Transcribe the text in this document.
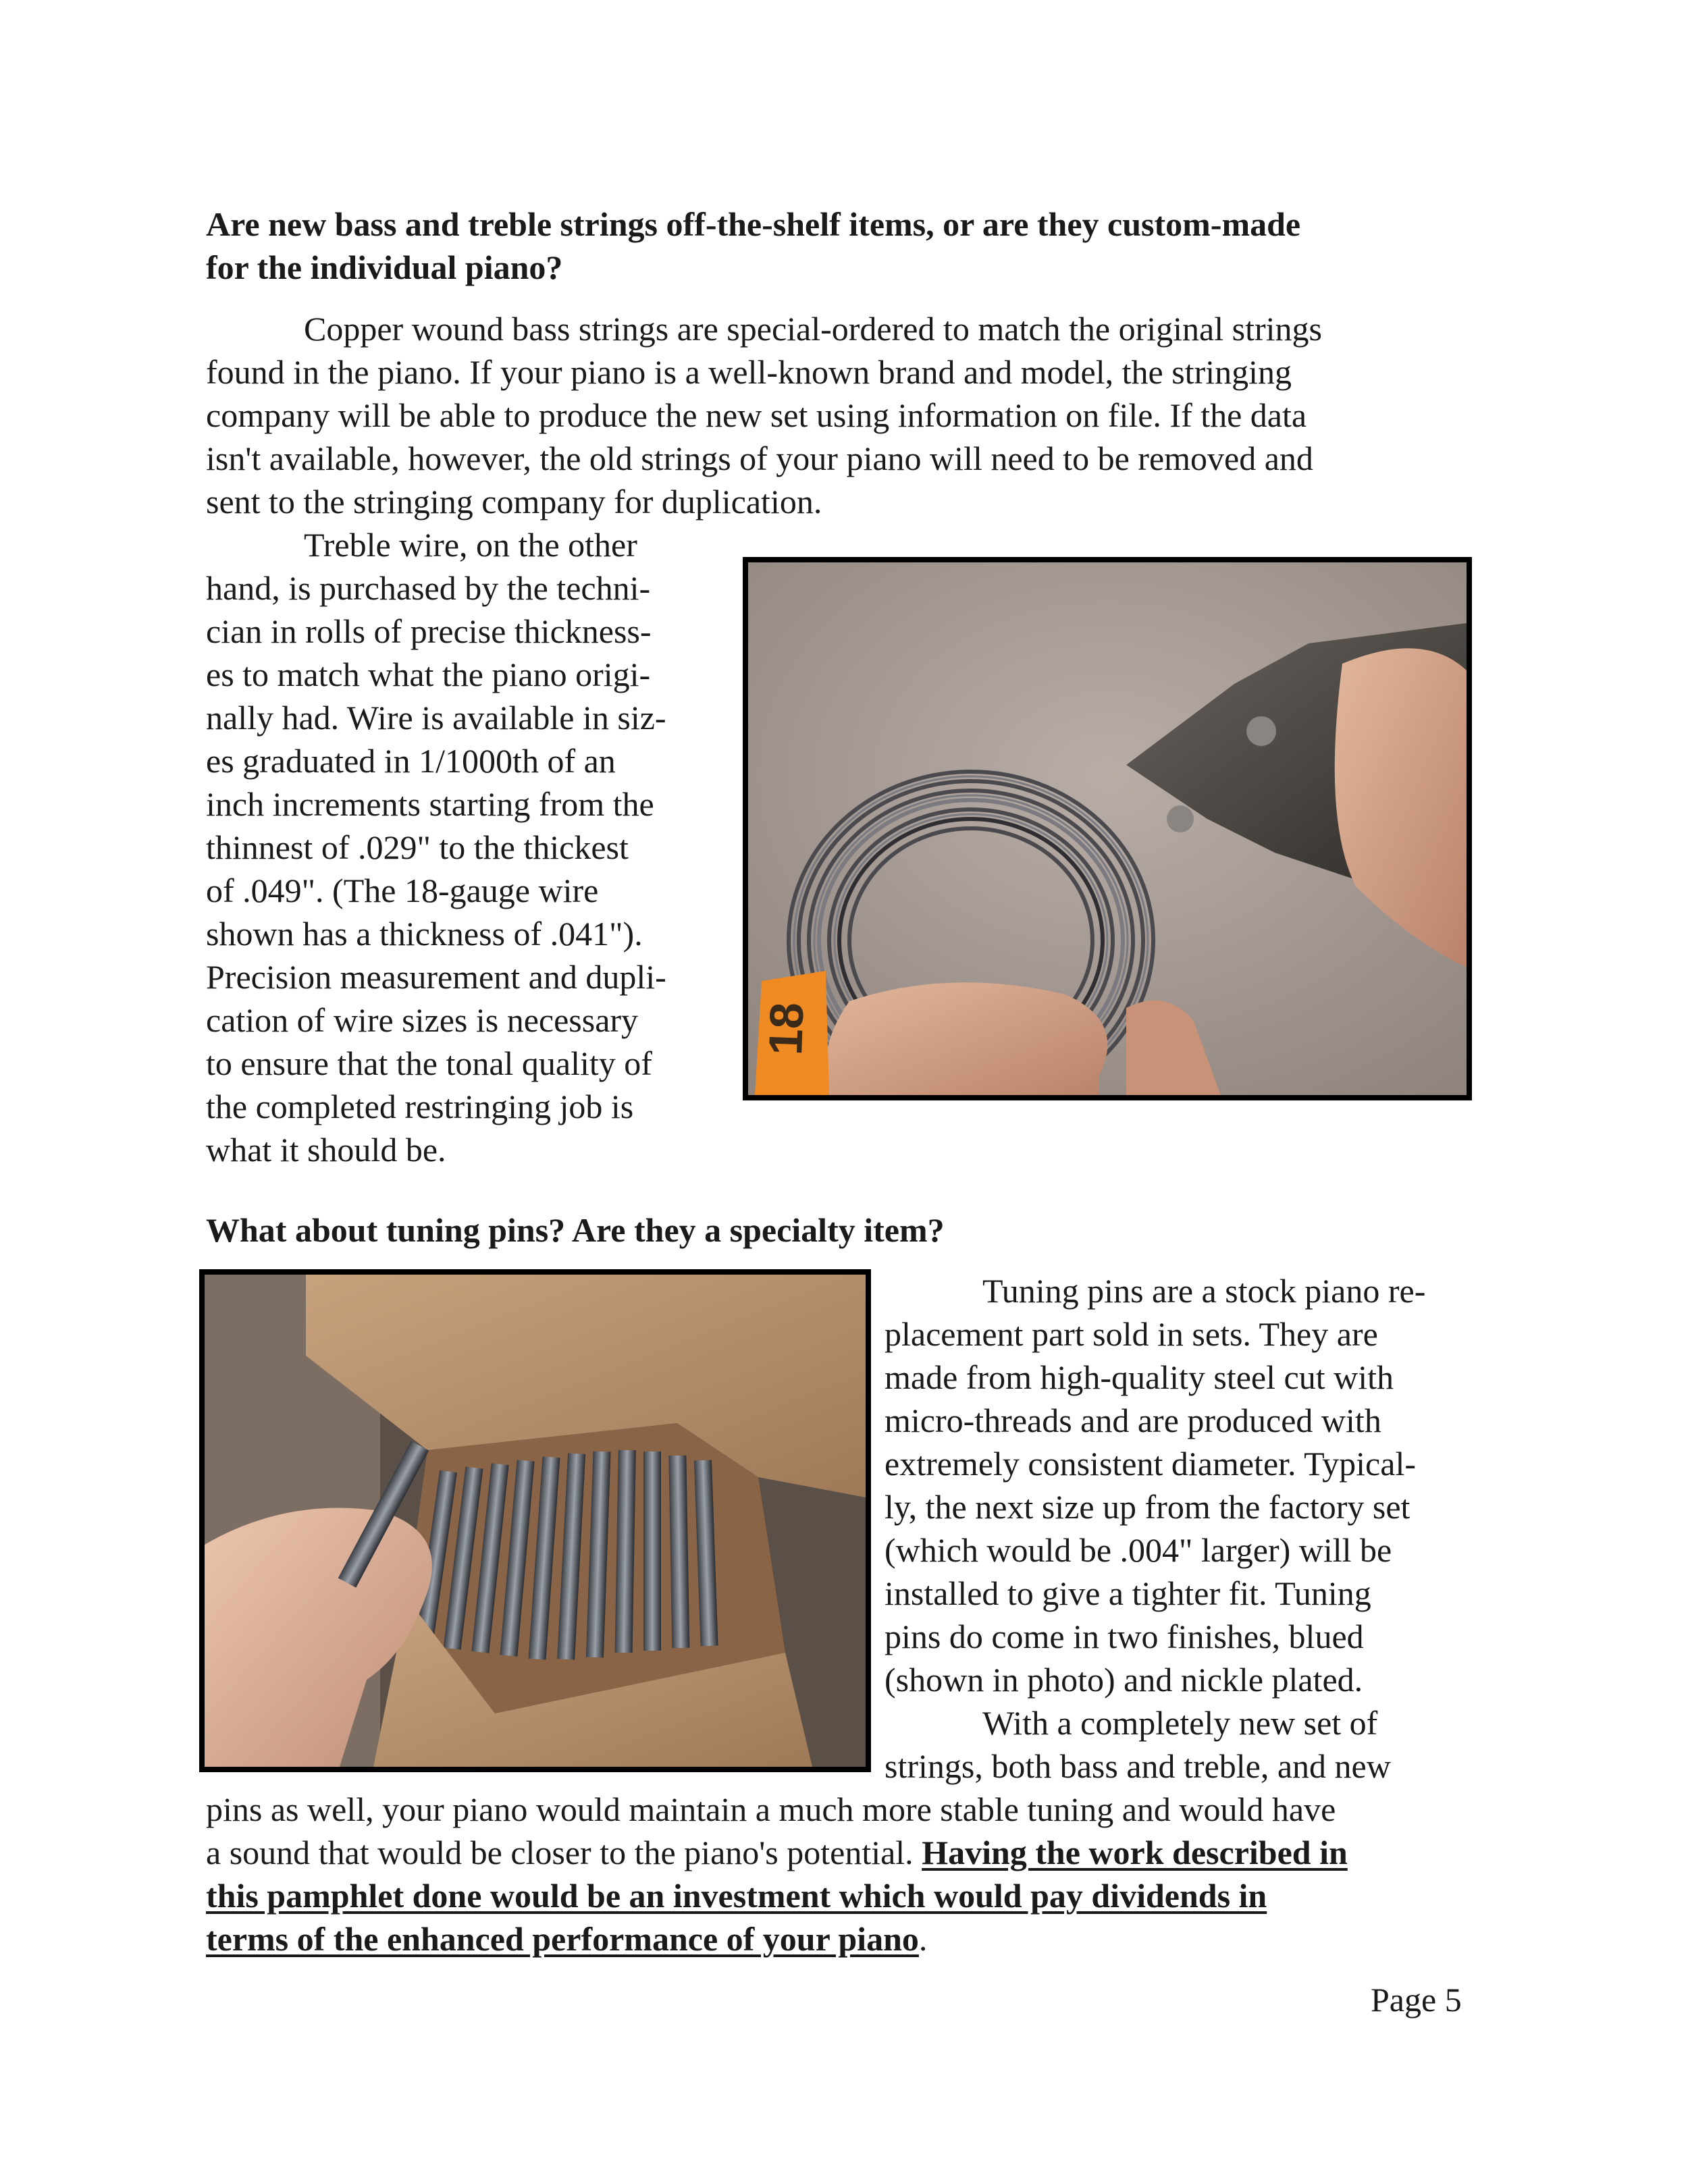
Are new bass and treble strings off-the-shelf items, or are they custom-made
for the individual piano?
Copper wound bass strings are special-ordered to match the original strings
found in the piano. If your piano is a well-known brand and model, the stringing
company will be able to produce the new set using information on file. If the data
isn't available, however, the old strings of your piano will need to be removed and
sent to the stringing company for duplication.
Treble wire, on the other
hand, is purchased by the techni-
cian in rolls of precise thickness-
es to match what the piano origi-
nally had. Wire is available in siz-
es graduated in 1/1000th of an
inch increments starting from the
thinnest of .029" to the thickest
of .049". (The 18-gauge wire
shown has a thickness of .041").
Precision measurement and dupli-
cation of wire sizes is necessary
to ensure that the tonal quality of
the completed restringing job is
what it should be.
18
What about tuning pins? Are they a specialty item?
Tuning pins are a stock piano re-
placement part sold in sets. They are
made from high-quality steel cut with
micro-threads and are produced with
extremely consistent diameter. Typical-
ly, the next size up from the factory set
(which would be .004" larger) will be
installed to give a tighter fit. Tuning
pins do come in two finishes, blued
(shown in photo) and nickle plated.
With a completely new set of
strings, both bass and treble, and new
pins as well, your piano would maintain a much more stable tuning and would have
a sound that would be closer to the piano's potential. Having the work described in
this pamphlet done would be an investment which would pay dividends in
terms of the enhanced performance of your piano.
Page 5
